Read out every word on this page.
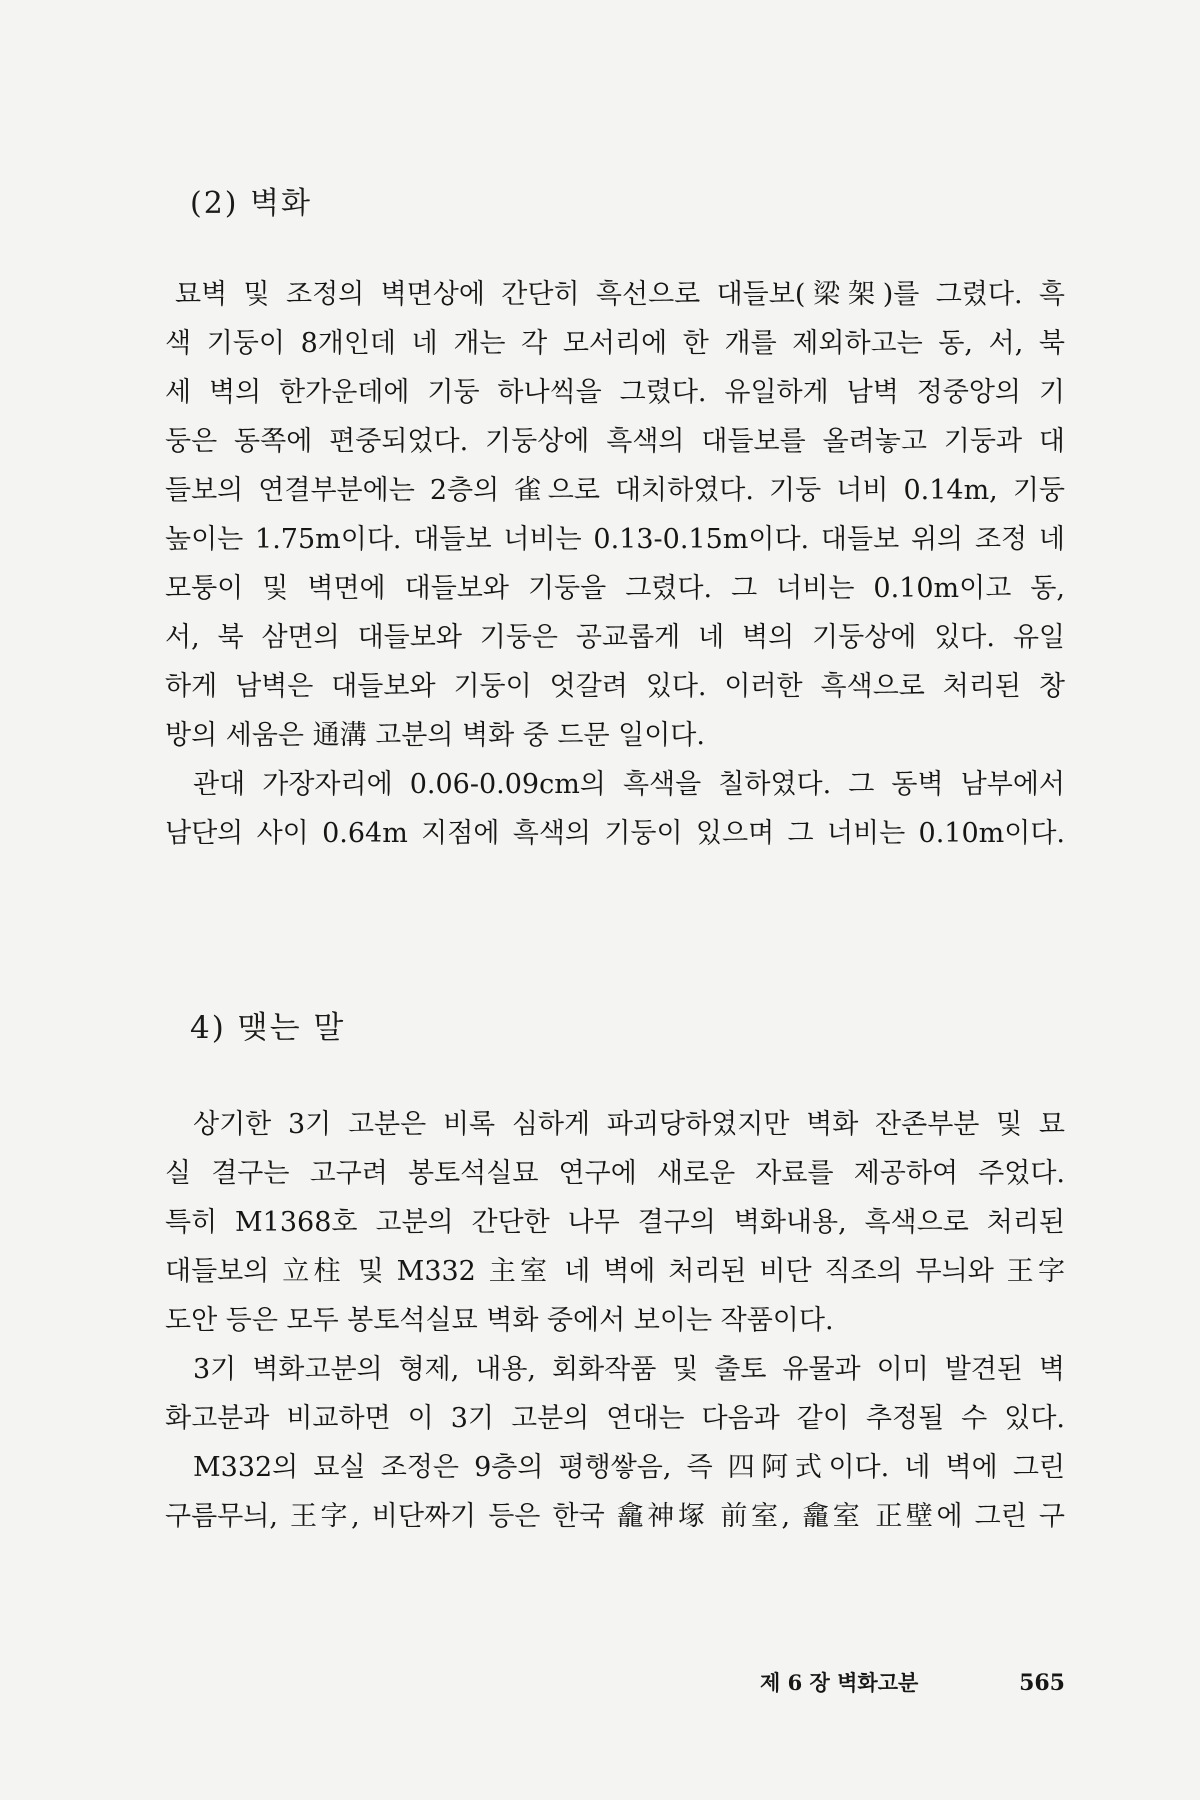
(2) 벽화
묘벽 및 조정의 벽면상에 간단히 흑선으로 대들보(梁架)를 그렸다. 흑
색 기둥이 8개인데 네 개는 각 모서리에 한 개를 제외하고는 동, 서, 북
세 벽의 한가운데에 기둥 하나씩을 그렸다. 유일하게 남벽 정중앙의 기
둥은 동쪽에 편중되었다. 기둥상에 흑색의 대들보를 올려놓고 기둥과 대
들보의 연결부분에는 2층의 雀으로 대치하였다. 기둥 너비 0.14m, 기둥
높이는 1.75m이다. 대들보 너비는 0.13-0.15m이다. 대들보 위의 조정 네
모퉁이 및 벽면에 대들보와 기둥을 그렸다. 그 너비는 0.10m이고 동,
서, 북 삼면의 대들보와 기둥은 공교롭게 네 벽의 기둥상에 있다. 유일
하게 남벽은 대들보와 기둥이 엇갈려 있다. 이러한 흑색으로 처리된 창
방의 세움은 通溝 고분의 벽화 중 드문 일이다.
관대 가장자리에 0.06-0.09cm의 흑색을 칠하였다. 그 동벽 남부에서
남단의 사이 0.64m 지점에 흑색의 기둥이 있으며 그 너비는 0.10m이다.
4) 맺는 말
상기한 3기 고분은 비록 심하게 파괴당하였지만 벽화 잔존부분 및 묘
실 결구는 고구려 봉토석실묘 연구에 새로운 자료를 제공하여 주었다.
특히 M1368호 고분의 간단한 나무 결구의 벽화내용, 흑색으로 처리된
대들보의 立柱 및 M332 主室 네 벽에 처리된 비단 직조의 무늬와 王字
도안 등은 모두 봉토석실묘 벽화 중에서 보이는 작품이다.
3기 벽화고분의 형제, 내용, 회화작품 및 출토 유물과 이미 발견된 벽
화고분과 비교하면 이 3기 고분의 연대는 다음과 같이 추정될 수 있다.
M332의 묘실 조정은 9층의 평행쌓음, 즉 四阿式이다. 네 벽에 그린
구름무늬, 王字, 비단짜기 등은 한국 龕神塚 前室, 龕室 正壁에 그린 구
제 6 장 벽화고분	565
